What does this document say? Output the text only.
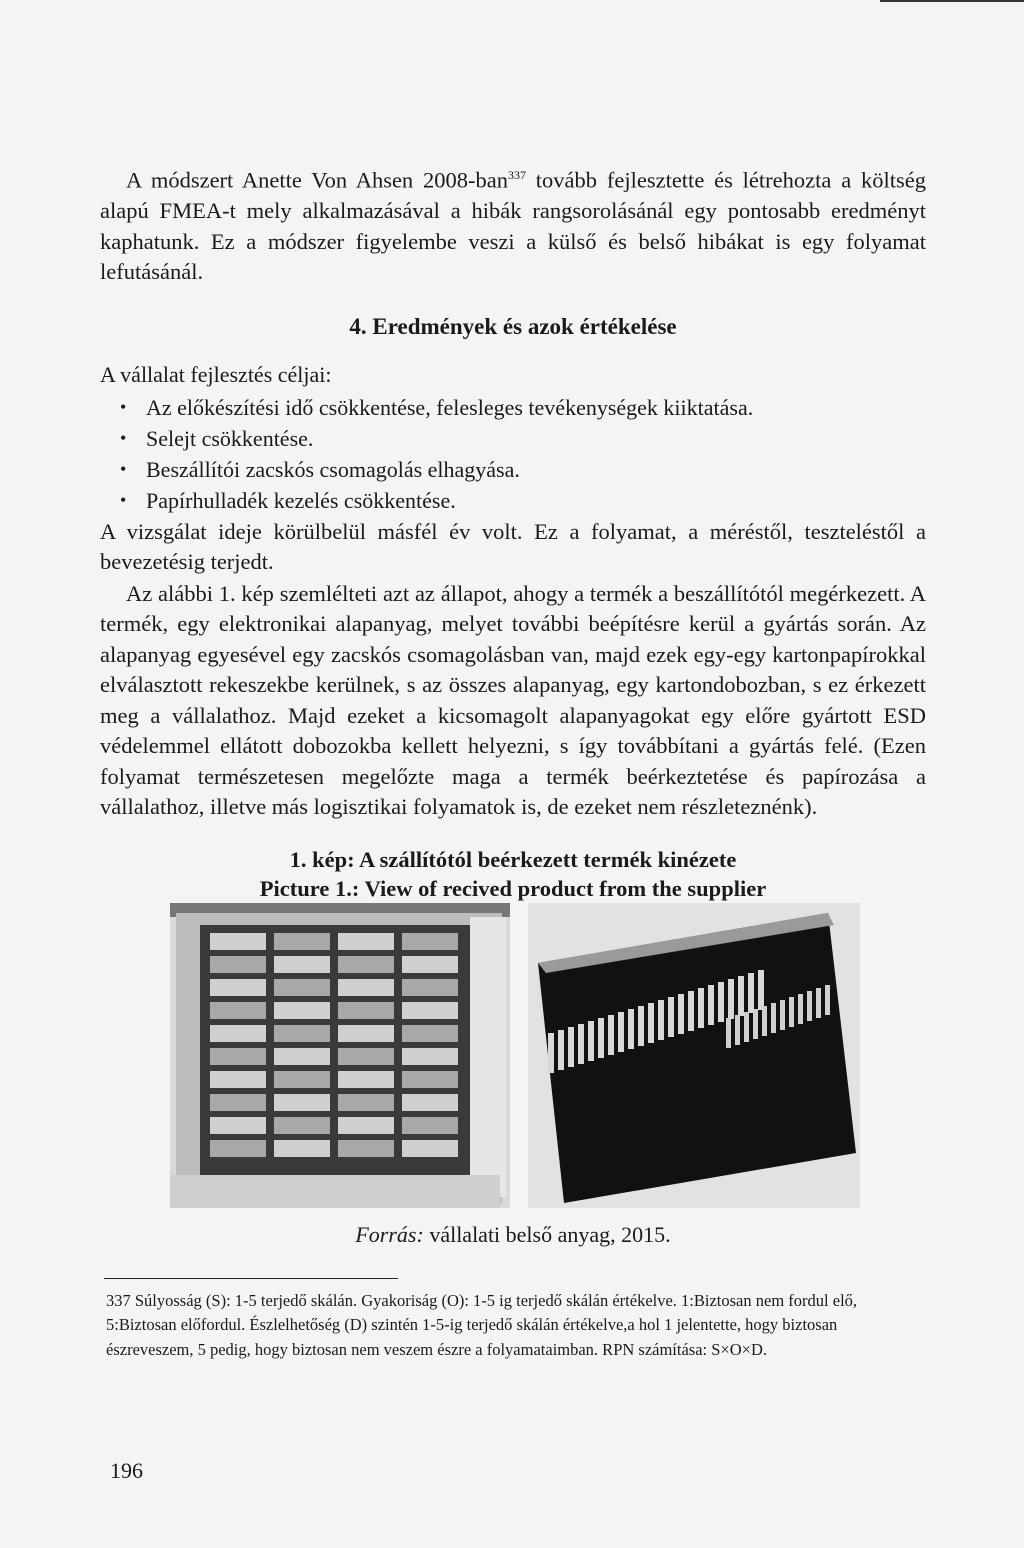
A módszert Anette Von Ahsen 2008-ban$^{337}$ tovább fejlesztette és létrehozta a költség alapú FMEA-t mely alkalmazásával a hibák rangsorolásánál egy pontosabb eredményt kaphatunk. Ez a módszer figyelembe veszi a külső és belső hibákat is egy folyamat lefutásánál.

4. Eredmények és azok értékelése

A vállalat fejlesztés céljai:

• Az előkészítési idő csökkentése, felesleges tevékenységek kiiktatása.
• Selejt csökkentése.
• Beszállítói zacskós csomagolás elhagyása.
• Papírhulladék kezelés csökkentése.

A vizsgálat ideje körülbelül másfél év volt. Ez a folyamat, a méréstől, teszteléstől a bevezetésig terjedt.

Az alábbi 1. kép szemlélteti azt az állapot, ahogy a termék a beszállítótól megérkezett. A termék, egy elektronikai alapanyag, melyet további beépítésre kerül a gyártás során. Az alapanyag egyesével egy zacskós csomagolásban van, majd ezek egy-egy kartonpapírokkal elválasztott rekeszekbe kerülnek, s az összes alapanyag, egy kartondobozban, s ez érkezett meg a vállalathoz. Majd ezeket a kicsomagolt alapanyagokat egy előre gyártott ESD védelemmel ellátott dobozokba kellett helyezni, s így továbbítani a gyártás felé. (Ezen folyamat természetesen megelőzte maga a termék beérkeztetése és papírozása a vállalathoz, illetve más logisztikai folyamatok is, de ezeket nem részleteznénk).

1. kép: A szállítótól beérkezett termék kinézete
Picture 1.: View of recived product from the supplier
Forrás: vállalati belső anyag, 2015.

337 Súlyosság (S): 1-5 terjedő skálán. Gyakoriság (O): 1-5 ig terjedő skálán értékelve. 1:Biztosan nem fordul elő, 5:Biztosan előfordul. Észlelhetőség (D) szintén 1-5-ig terjedő skálán értékelve,a hol 1 jelentette, hogy biztosan észreveszem, 5 pedig, hogy biztosan nem veszem észre a folyamataimban. RPN számítása: S×O×D.

196
